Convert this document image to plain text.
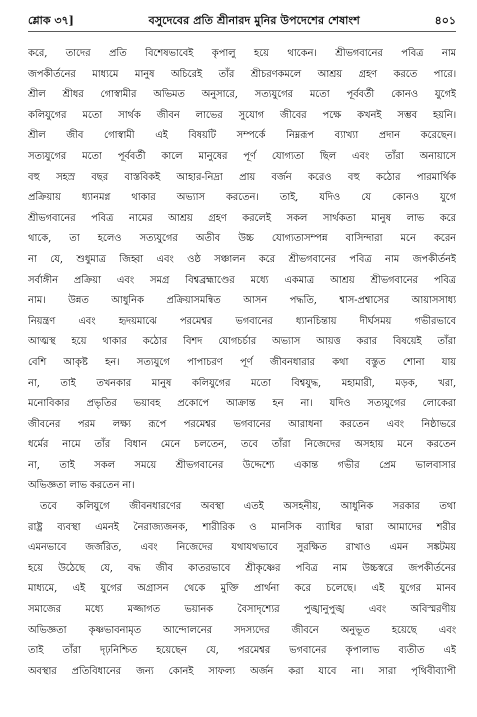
শ্লোক ৩৭]	বসুদেবের প্রতি শ্রীনারদ মুনির উপদেশের শেষাংশ	৪০১
করে, তাদের প্রতি বিশেষভাবেই কৃপালু হয়ে থাকেন। শ্রীভগবানের পবিত্র নাম
জপকীর্তনের মাধ্যমে মানুষ অচিরেই তাঁর শ্রীচরণকমলে আশ্রয় গ্রহণ করতে পারে।
শ্রীল শ্রীধর গোস্বামীর অভিমত অনুসারে, সত্যযুগের মতো পূর্ববর্তী কোনও যুগেই
কলিযুগের মতো সার্থক জীবন লাভের সুযোগ জীবের পক্ষে কখনই সম্ভব হয়নি।
শ্রীল জীব গোস্বামী এই বিষয়টি সম্পর্কে নিম্নরূপ ব্যাখ্যা প্রদান করেছেন।
সত্যযুগের মতো পূর্ববর্তী কালে মানুষের পূর্ণ যোগ্যতা ছিল এবং তাঁরা অনায়াসে
বহু সহস্র বছর বাস্তবিকই আহার-নিদ্রা প্রায় বর্জন করেও বহু কঠোর পারমার্থিক
প্রক্রিয়ায় ধ্যানমগ্ন থাকার অভ্যাস করতেন। তাই, যদিও যে কোনও যুগে
শ্রীভগবানের পবিত্র নামের আশ্রয় গ্রহণ করলেই সকল সার্থকতা মানুষ লাভ করে
থাকে, তা হলেও সত্যযুগের অতীব উচ্চ যোগ্যতাসম্পন্ন বাসিন্দারা মনে করেন
না যে, শুধুমাত্র জিহ্বা এবং ওষ্ঠ সঞ্চালন করে শ্রীভগবানের পবিত্র নাম জপকীর্তনই
সর্বাঙ্গীন প্রক্রিয়া এবং সমগ্র বিশ্বব্রহ্মাণ্ডের মধ্যে একমাত্র আশ্রয় শ্রীভগবানের পবিত্র
নাম। উন্নত আধুনিক প্রক্রিয়াসমন্বিত আসন পদ্ধতি, শ্বাস-প্রশ্বাসের আয়াসসাধ্য
নিয়ন্ত্রণ এবং হৃদয়মাঝে পরমেশ্বর ভগবানের ধ্যানচিন্তায় দীর্ঘসময় গভীরভাবে
আত্মস্থ হয়ে থাকার কঠোর বিশদ যোগচর্চার অভ্যাস আয়ত্ত করার বিষয়েই তাঁরা
বেশি আকৃষ্ট হন। সত্যযুগে পাপাচরণ পূর্ণ জীবনধারার কথা বস্তুত শোনা যায়
না, তাই তখনকার মানুষ কলিযুগের মতো বিশ্বযুদ্ধ, মহামারী, মড়ক, খরা,
মনোবিকার প্রভৃতির ভয়াবহ প্রকোপে আক্রান্ত হন না। যদিও সত্যযুগের লোকেরা
জীবনের পরম লক্ষ্য রূপে পরমেশ্বর ভগবানের আরাধনা করতেন এবং নিষ্ঠাভরে
ধর্মের নামে তাঁর বিধান মেনে চলতেন, তবে তাঁরা নিজেদের অসহায় মনে করতেন
না, তাই সকল সময়ে শ্রীভগবানের উদ্দেশ্যে একান্ত গভীর প্রেম ভালবাসার
অভিজ্ঞতা লাভ করতেন না।
তবে কলিযুগে জীবনধারণের অবস্থা এতই অসহনীয়, আধুনিক সরকার তথা
রাষ্ট্র ব্যবস্থা এমনই নৈরাজ্যজনক, শারীরিক ও মানসিক ব্যাধির দ্বারা আমাদের শরীর
এমনভাবে জর্জরিত, এবং নিজেদের যথাযথভাবে সুরক্ষিত রাখাও এমন সঙ্কটময়
হয়ে উঠেছে যে, বদ্ধ জীব কাতরভাবে শ্রীকৃষ্ণের পবিত্র নাম উচ্চস্বরে জপকীর্তনের
মাধ্যমে, এই যুগের অগ্রাসন থেকে মুক্তি প্রার্থনা করে চলেছে। এই যুগের মানব
সমাজের মধ্যে মজ্জাগত ভয়ানক বৈসাদৃশ্যের পুঙ্খানুপুঙ্খ এবং অবিস্মরণীয়
অভিজ্ঞতা কৃষ্ণভাবনামৃত আন্দোলনের সদস্যদের জীবনে অনুভূত হয়েছে এবং
তাই তাঁরা দৃঢ়নিশ্চিত হয়েছেন যে, পরমেশ্বর ভগবানের কৃপালাভ ব্যতীত এই
অবস্থার প্রতিবিধানের জন্য কোনই সাফল্য অর্জন করা যাবে না। সারা পৃথিবীব্যাপী
